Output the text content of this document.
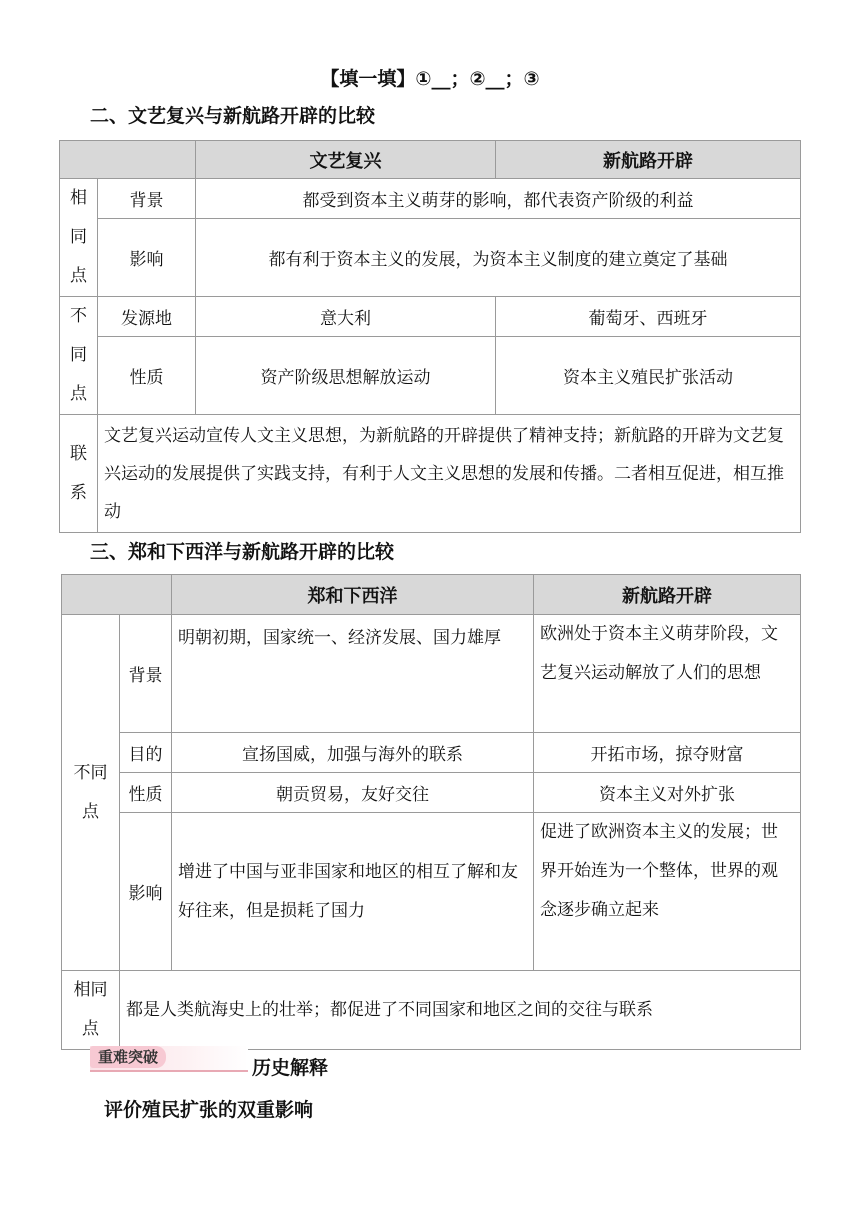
【填一填】①__；②__；③
二、文艺复兴与新航路开辟的比较
		文艺复兴	新航路开辟

相同点	背景	都受到资本主义萌芽的影响，都代表资产阶级的利益	
	影响	都有利于资本主义的发展，为资本主义制度的建立奠定了基础	

不同点	发源地	意大利	葡萄牙、西班牙
	性质	资产阶级思想解放运动	资本主义殖民扩张活动

联系	文艺复兴运动宣传人文主义思想，为新航路的开辟提供了精神支持；新航路的开辟为文艺复兴运动的发展提供了实践支持，有利于人文主义思想的发展和传播。二者相互促进，相互推动		
三、郑和下西洋与新航路开辟的比较
		郑和下西洋	新航路开辟

不同点	背景	明朝初期，国家统一、经济发展、国力雄厚	欧洲处于资本主义萌芽阶段，文艺复兴运动解放了人们的思想
	目的	宣扬国威，加强与海外的联系	开拓市场，掠夺财富
	性质	朝贡贸易，友好交往	资本主义对外扩张
	影响	增进了中国与亚非国家和地区的相互了解和友好往来，但是损耗了国力	促进了欧洲资本主义的发展；世界开始连为一个整体，世界的观念逐步确立起来

相同点	都是人类航海史上的壮举；都促进了不同国家和地区之间的交往与联系		
重难突破	历史解释
评价殖民扩张的双重影响
